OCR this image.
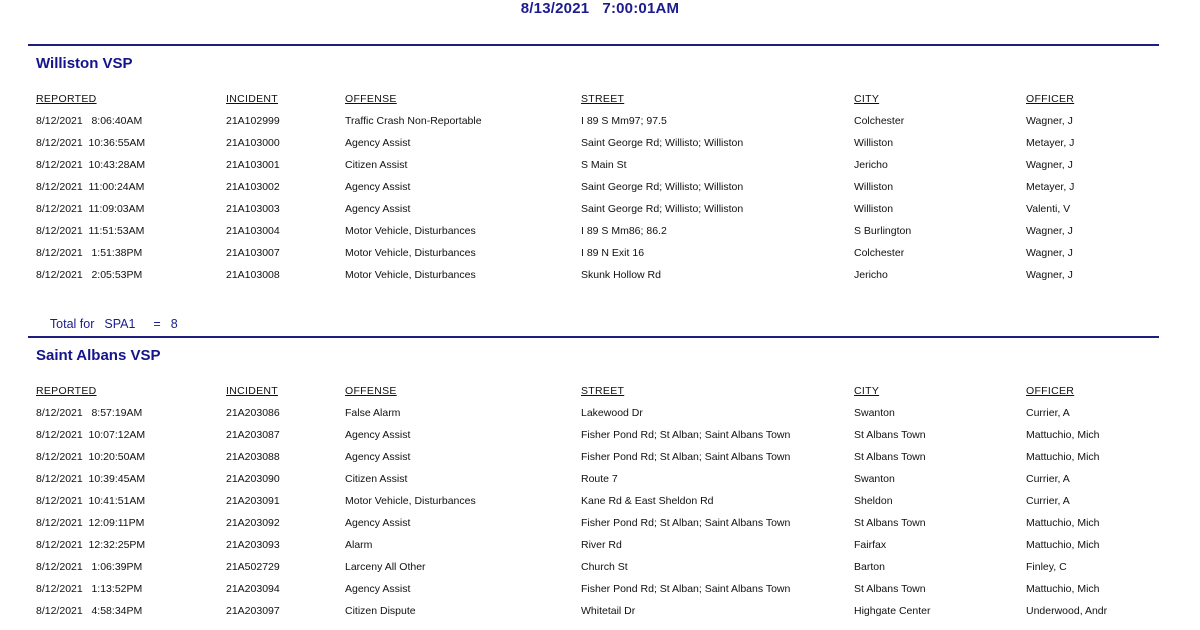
8/13/2021   7:00:01AM
Williston VSP
REPORTED	INCIDENT	OFFENSE	STREET	CITY	OFFICER
8/12/2021   8:06:40AM	21A102999	Traffic Crash Non-Reportable	I 89 S Mm97; 97.5	Colchester	Wagner, J
8/12/2021  10:36:55AM	21A103000	Agency Assist	Saint George Rd; Willisto; Williston	Williston	Metayer, J
8/12/2021  10:43:28AM	21A103001	Citizen Assist	S Main St	Jericho	Wagner, J
8/12/2021  11:00:24AM	21A103002	Agency Assist	Saint George Rd; Willisto; Williston	Williston	Metayer, J
8/12/2021  11:09:03AM	21A103003	Agency Assist	Saint George Rd; Willisto; Williston	Williston	Valenti, V
8/12/2021  11:51:53AM	21A103004	Motor Vehicle, Disturbances	I 89 S Mm86; 86.2	S Burlington	Wagner, J
8/12/2021   1:51:38PM	21A103007	Motor Vehicle, Disturbances	I 89 N Exit 16	Colchester	Wagner, J
8/12/2021   2:05:53PM	21A103008	Motor Vehicle, Disturbances	Skunk Hollow Rd	Jericho	Wagner, J

Total for SPA1 = 8

Saint Albans VSP
REPORTED	INCIDENT	OFFENSE	STREET	CITY	OFFICER
8/12/2021   8:57:19AM	21A203086	False Alarm	Lakewood Dr	Swanton	Currier, A
8/12/2021  10:07:12AM	21A203087	Agency Assist	Fisher Pond Rd; St Alban; Saint Albans Town	St Albans Town	Mattuchio, Mich
8/12/2021  10:20:50AM	21A203088	Agency Assist	Fisher Pond Rd; St Alban; Saint Albans Town	St Albans Town	Mattuchio, Mich
8/12/2021  10:39:45AM	21A203090	Citizen Assist	Route 7	Swanton	Currier, A
8/12/2021  10:41:51AM	21A203091	Motor Vehicle, Disturbances	Kane Rd & East Sheldon Rd	Sheldon	Currier, A
8/12/2021  12:09:11PM	21A203092	Agency Assist	Fisher Pond Rd; St Alban; Saint Albans Town	St Albans Town	Mattuchio, Mich
8/12/2021  12:32:25PM	21A203093	Alarm	River Rd	Fairfax	Mattuchio, Mich
8/12/2021   1:06:39PM	21A502729	Larceny All Other	Church St	Barton	Finley, C
8/12/2021   1:13:52PM	21A203094	Agency Assist	Fisher Pond Rd; St Alban; Saint Albans Town	St Albans Town	Mattuchio, Mich
8/12/2021   4:58:34PM	21A203097	Citizen Dispute	Whitetail Dr	Highgate Center	Underwood, Andr
